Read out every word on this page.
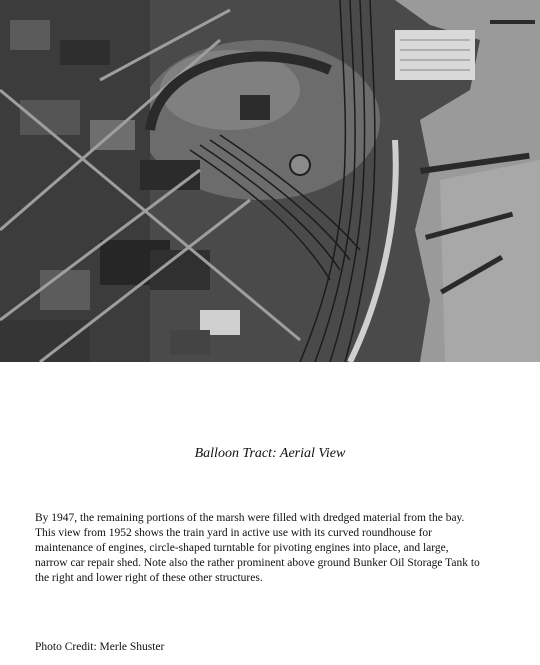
Balloon Tract: Aerial View
By 1947, the remaining portions of the marsh were filled with dredged material from the bay.
This view from 1952 shows the train yard in active use with its curved roundhouse for
maintenance of engines, circle-shaped turntable for pivoting engines into place, and large,
narrow car repair shed. Note also the rather prominent above ground Bunker Oil Storage Tank to
the right and lower right of these other structures.
Photo Credit: Merle Shuster
